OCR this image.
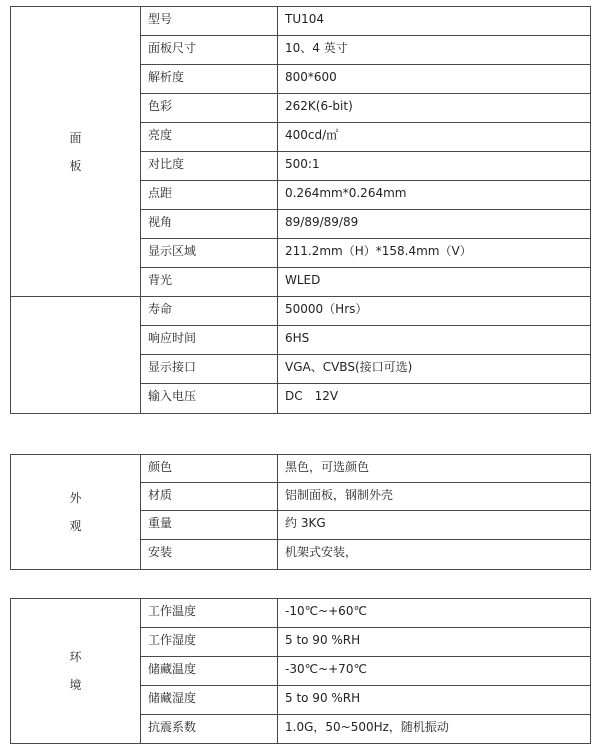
面
板	型号	TU104
	面板尺寸	10、4 英寸
	解析度	800*600
	色彩	262K(6-bit)
	亮度	400cd/㎡
	对比度	500:1
	点距	0.264mm*0.264mm
	视角	89/89/89/89
	显示区域	211.2mm（H）*158.4mm（V）
	背光	WLED

	寿命	50000（Hrs）
	响应时间	6HS
	显示接口	VGA、CVBS(接口可选)
	输入电压	DC　12V
外
观	颜色	黑色，可选颜色
	材质	铝制面板，钢制外壳
	重量	约 3KG
	安装	机架式安装，
环
境	工作温度	-10℃~+60℃
	工作湿度	5 to 90 %RH
	储藏温度	-30℃~+70℃
	储藏湿度	5 to 90 %RH
	抗震系数	1.0G，50~500Hz，随机振动
